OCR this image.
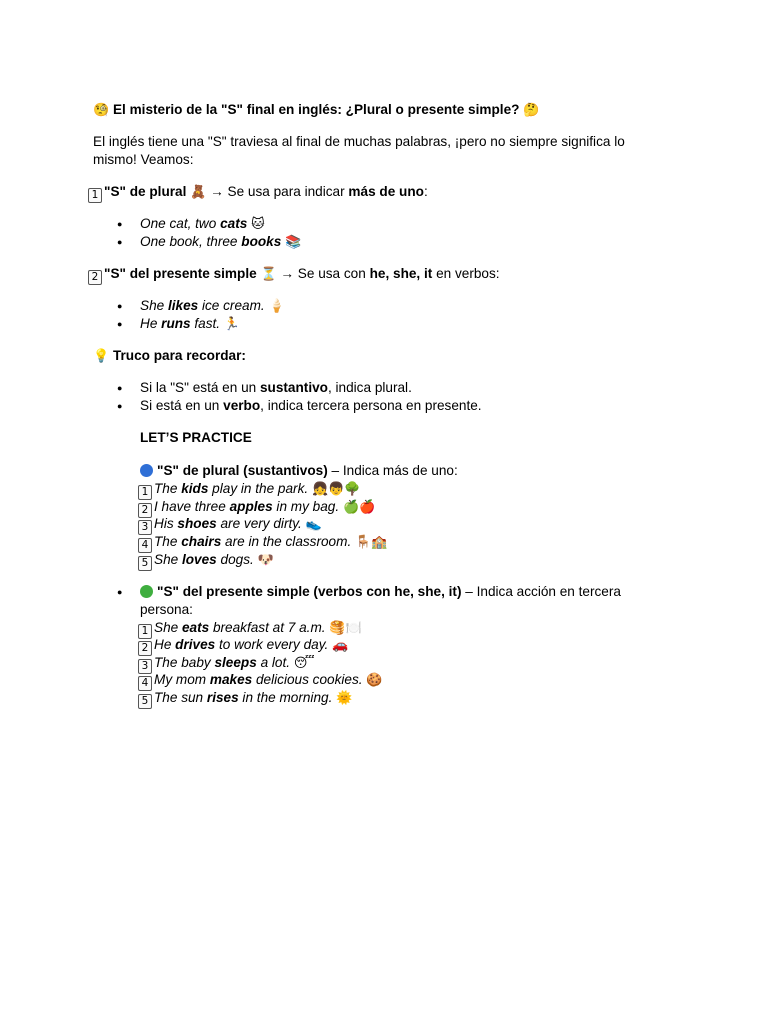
🧐 El misterio de la "S" final en inglés: ¿Plural o presente simple? 🤔
El inglés tiene una "S" traviesa al final de muchas palabras, ¡pero no siempre significa lo
mismo! Veamos:
1 "S" de plural 🧸 → Se usa para indicar más de uno:
● One cat, two cats 🐱
● One book, three books 📚
2 "S" del presente simple ⏳ → Se usa con he, she, it en verbos:
● She likes ice cream. 🍦
● He runs fast. 🏃
💡 Truco para recordar:
● Si la "S" está en un sustantivo, indica plural.
● Si está en un verbo, indica tercera persona en presente.
LET’S PRACTICE
"S" de plural (sustantivos) – Indica más de uno:
1 The kids play in the park. 👧👦🌳
2 I have three apples in my bag. 🍏🍎
3 His shoes are very dirty. 👟
4 The chairs are in the classroom. 🪑🏫
5 She loves dogs. 🐶
●	"S" del presente simple (verbos con he, she, it) – Indica acción en tercera
persona:
1 She eats breakfast at 7 a.m. 🥞🍽️
2 He drives to work every day. 🚗
3 The baby sleeps a lot. 😴
4 My mom makes delicious cookies. 🍪
5 The sun rises in the morning. 🌞
